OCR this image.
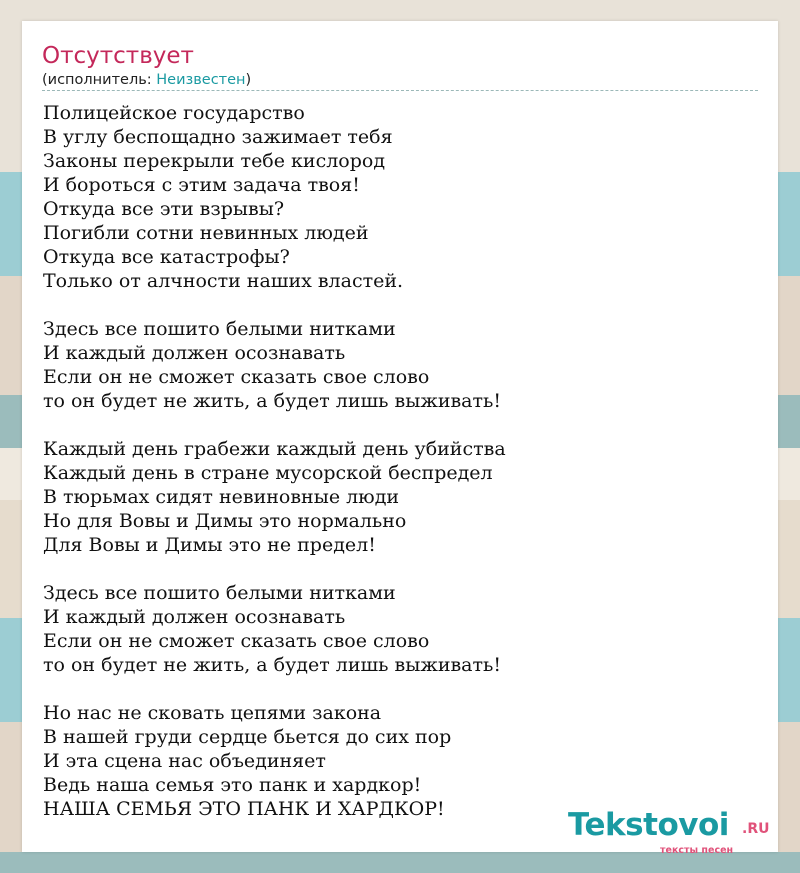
Отсутствует
(исполнитель: Неизвестен)
Полицейское государство
В углу беспощадно зажимает тебя
Законы перекрыли тебе кислород
И бороться с этим задача твоя!
Откуда все эти взрывы?
Погибли сотни невинных людей
Откуда все катастрофы?
Только от алчности наших властей.
Здесь все пошито белыми нитками
И каждый должен осознавать
Если он не сможет сказать свое слово
то он будет не жить, а будет лишь выживать!
Каждый день грабежи каждый день убийства
Каждый день в стране мусорской беспредел
В тюрьмах сидят невиновные люди
Но для Вовы и Димы это нормально
Для Вовы и Димы это не предел!
Здесь все пошито белыми нитками
И каждый должен осознавать
Если он не сможет сказать свое слово
то он будет не жить, а будет лишь выживать!
Но нас не сковать цепями закона
В нашей груди сердце бьется до сих пор
И эта сцена нас объединяет
Ведь наша семья это панк и хардкор!
НАША СЕМЬЯ ЭТО ПАНК И ХАРДКОР!	Tekstovoi .RU
тексты песен
